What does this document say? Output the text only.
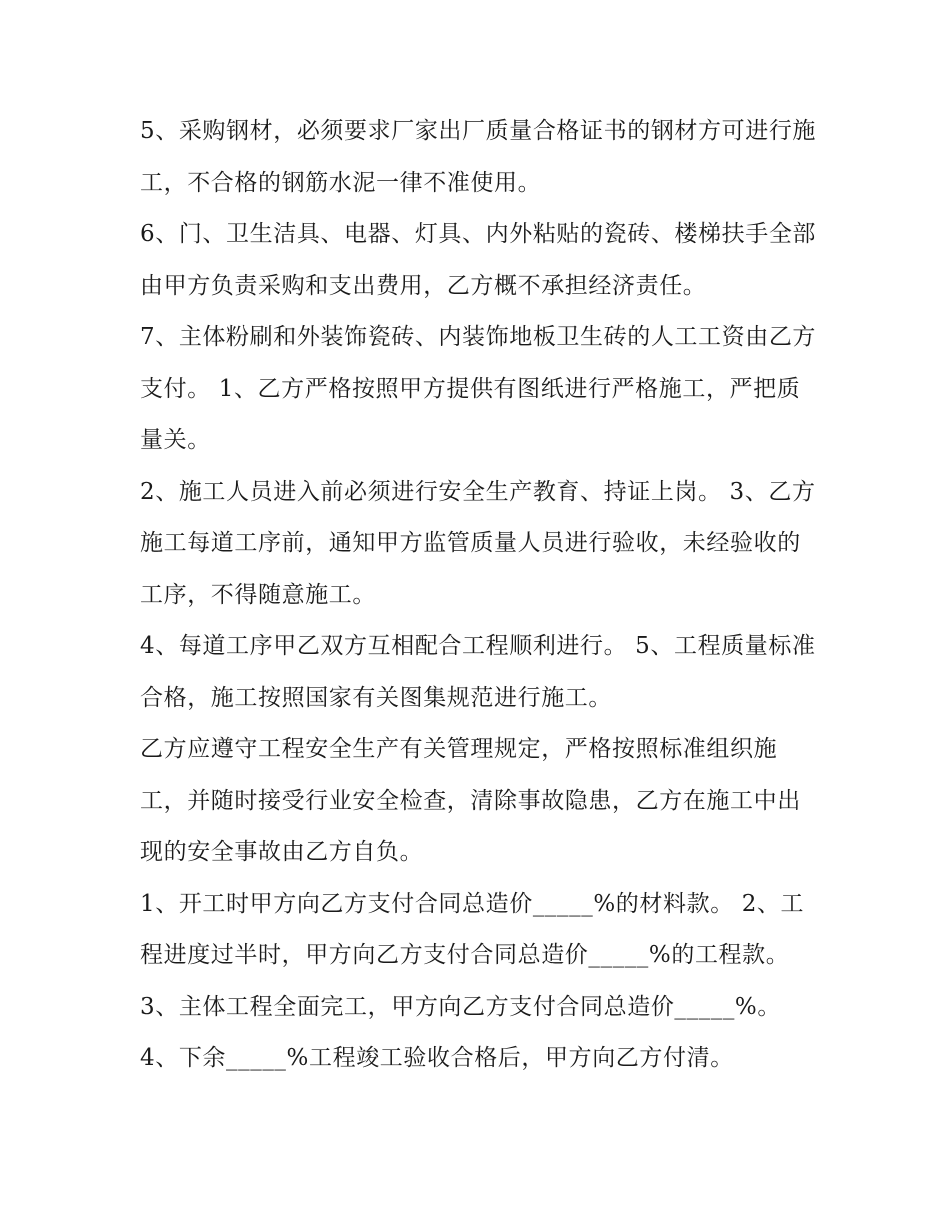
5、采购钢材，必须要求厂家出厂质量合格证书的钢材方可进行施工，不合格的钢筋水泥一律不准使用。

6、门、卫生洁具、电器、灯具、内外粘贴的瓷砖、楼梯扶手全部由甲方负责采购和支出费用，乙方概不承担经济责任。

7、主体粉刷和外装饰瓷砖、内装饰地板卫生砖的人工工资由乙方支付。 1、乙方严格按照甲方提供有图纸进行严格施工，严把质量关。

2、施工人员进入前必须进行安全生产教育、持证上岗。 3、乙方施工每道工序前，通知甲方监管质量人员进行验收，未经验收的工序，不得随意施工。

4、每道工序甲乙双方互相配合工程顺利进行。 5、工程质量标准合格，施工按照国家有关图集规范进行施工。

乙方应遵守工程安全生产有关管理规定，严格按照标准组织施工，并随时接受行业安全检查，清除事故隐患，乙方在施工中出现的安全事故由乙方自负。

1、开工时甲方向乙方支付合同总造价_____%的材料款。 2、工程进度过半时，甲方向乙方支付合同总造价_____%的工程款。

3、主体工程全面完工，甲方向乙方支付合同总造价_____%。

4、下余_____%工程竣工验收合格后，甲方向乙方付清。
